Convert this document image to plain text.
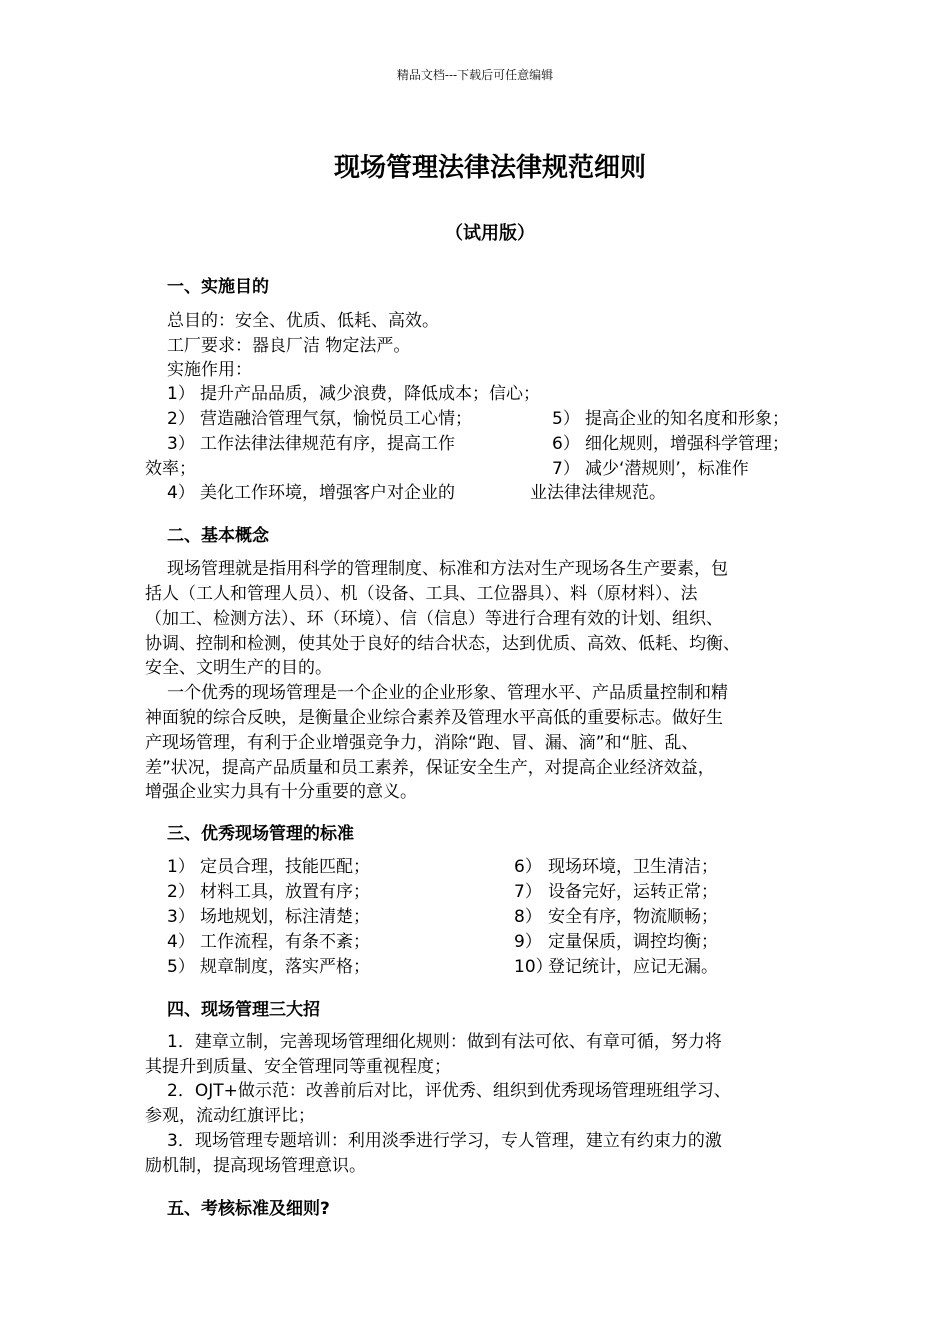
精品文档---下载后可任意编辑
现场管理法律法律规范细则
（试用版）
一、实施目的
总目的：安全、优质、低耗、高效。
工厂要求：器良厂洁 物定法严。
实施作用：
1） 提升产品品质，减少浪费，降低成本；信心；
2） 营造融洽管理气氛，愉悦员工心情；
3） 工作法律法律规范有序，提高工作
效率；
4） 美化工作环境，增强客户对企业的
5） 提高企业的知名度和形象；
6） 细化规则，增强科学管理；
7） 减少‘潜规则’，标准作
业法律法律规范。
二、基本概念
现场管理就是指用科学的管理制度、标准和方法对生产现场各生产要素，包
括人（工人和管理人员）、机（设备、工具、工位器具）、料（原材料）、法
（加工、检测方法）、环（环境）、信（信息）等进行合理有效的计划、组织、
协调、控制和检测，使其处于良好的结合状态，达到优质、高效、低耗、均衡、
安全、文明生产的目的。
一个优秀的现场管理是一个企业的企业形象、管理水平、产品质量控制和精
神面貌的综合反映，是衡量企业综合素养及管理水平高低的重要标志。做好生
产现场管理，有利于企业增强竞争力，消除“跑、冒、漏、滴”和“脏、乱、
差”状况，提高产品质量和员工素养，保证安全生产，对提高企业经济效益，
增强企业实力具有十分重要的意义。
三、优秀现场管理的标准
1） 定员合理，技能匹配；
2） 材料工具，放置有序；
3） 场地规划，标注清楚；
4） 工作流程，有条不紊；
5） 规章制度，落实严格；
6） 现场环境，卫生清洁；
7） 设备完好，运转正常；
8） 安全有序，物流顺畅；
9） 定量保质，调控均衡；
10）登记统计，应记无漏。
四、现场管理三大招
1．建章立制，完善现场管理细化规则：做到有法可依、有章可循，努力将
其提升到质量、安全管理同等重视程度；
2．OJT+做示范：改善前后对比，评优秀、组织到优秀现场管理班组学习、
参观，流动红旗评比；
3．现场管理专题培训：利用淡季进行学习，专人管理，建立有约束力的激
励机制，提高现场管理意识。
五、考核标准及细则?
